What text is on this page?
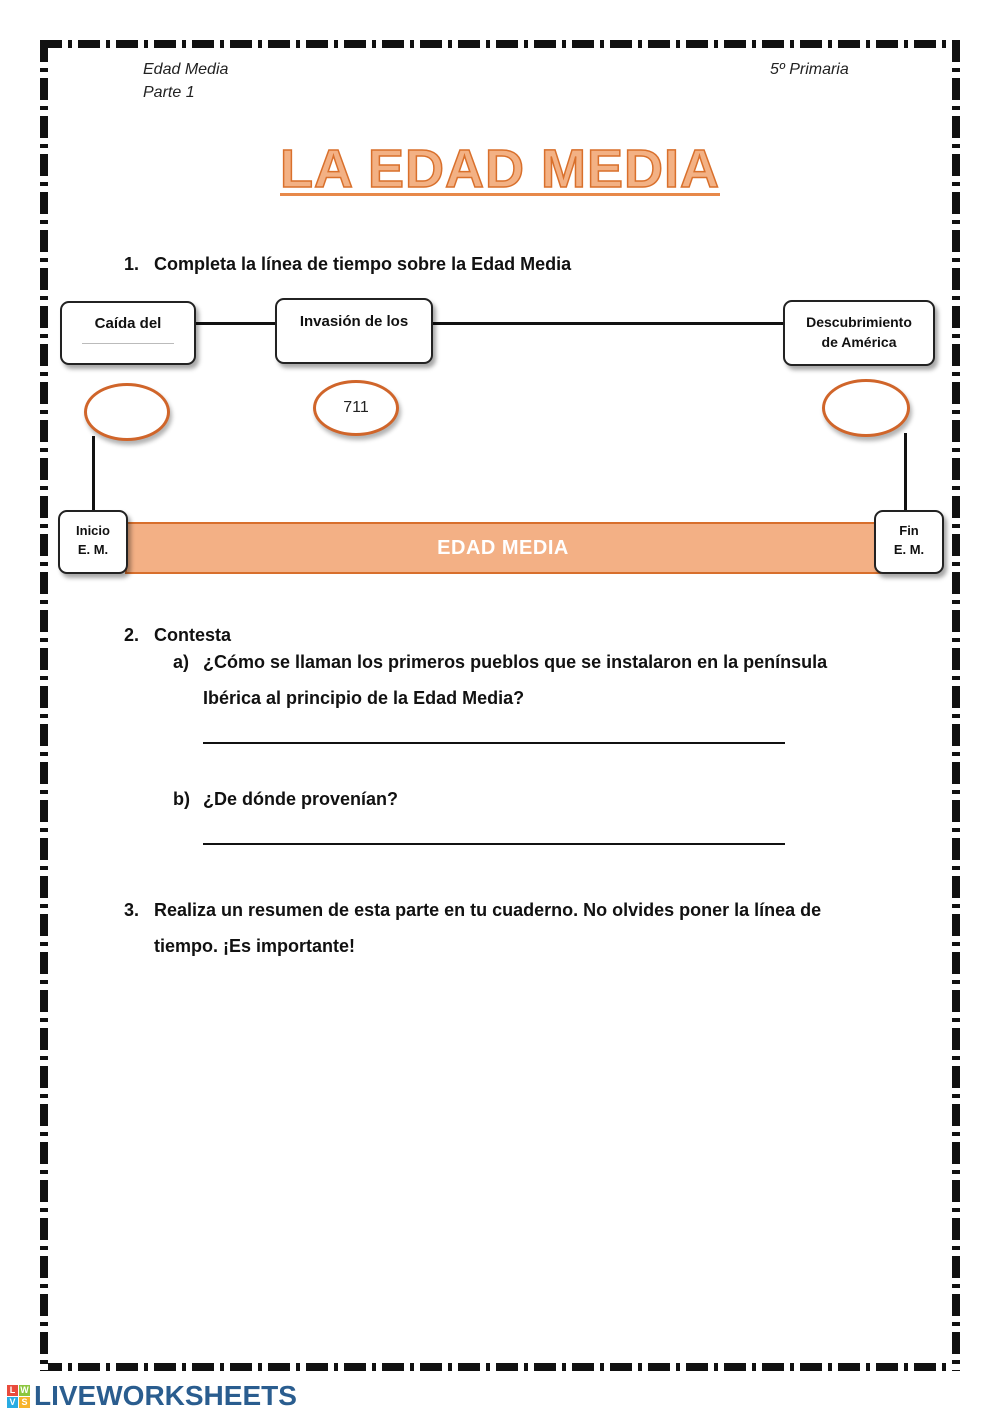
Edad Media
Parte 1
5º Primaria
LA EDAD MEDIA
1. Completa la línea de tiempo sobre la Edad Media
Caída del	Invasión de los	Descubrimiento
de América
711
EDAD MEDIA
Inicio
E. M.
Fin
E. M.
2. Contesta
a) ¿Cómo se llaman los primeros pueblos que se instalaron en la península
Ibérica al principio de la Edad Media?
b) ¿De dónde provenían?
3. Realiza un resumen de esta parte en tu cuaderno. No olvides poner la línea de
tiempo. ¡Es importante!
L W
V S LIVEWORKSHEETS
